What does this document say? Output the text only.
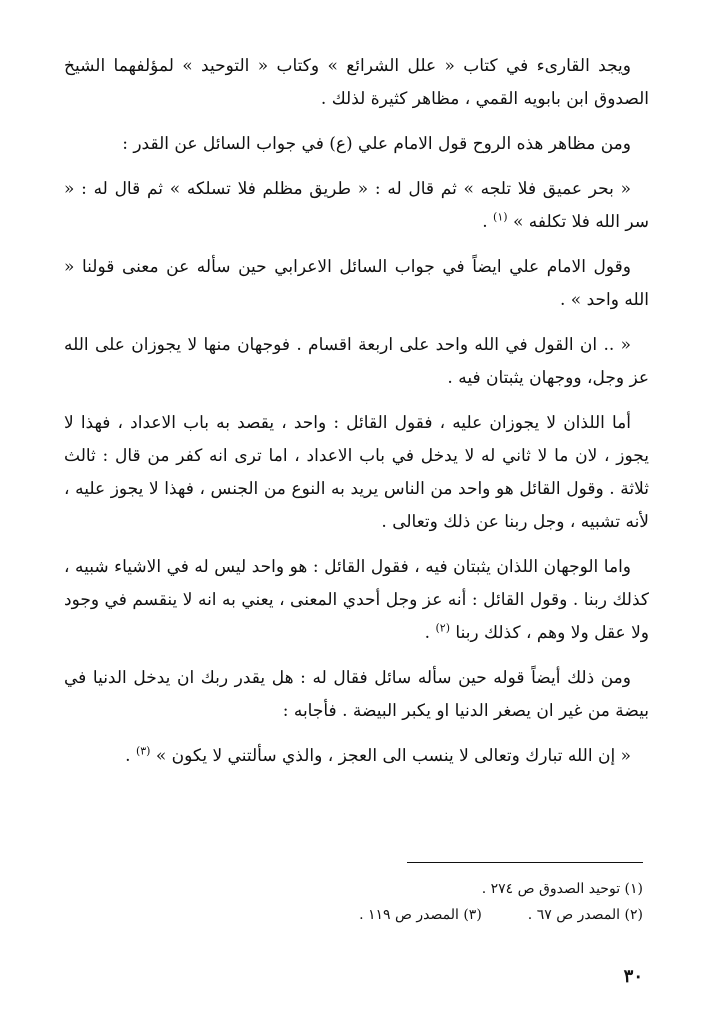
ويجد القارىء في كتاب « علل الشرائع » وكتاب « التوحيد » لمؤلفهما الشيخ الصدوق ابن بابويه القمي ، مظاهر كثيرة لذلك .

ومن مظاهر هذه الروح قول الامام علي (ع) في جواب السائل عن القدر :

« بحر عميق فلا تلجه » ثم قال له : « طريق مظلم فلا تسلكه » ثم قال له : « سر الله فلا تكلفه » $^{(١)}$ .

وقول الامام علي ايضاً في جواب السائل الاعرابي حين سأله عن معنى قولنا « الله واحد » .

« .. ان القول في الله واحد على اربعة اقسام . فوجهان منها لا يجوزان على الله عز وجل، ووجهان يثبتان فيه .

أما اللذان لا يجوزان عليه ، فقول القائل : واحد ، يقصد به باب الاعداد ، فهذا لا يجوز ، لان ما لا ثاني له لا يدخل في باب الاعداد ، اما ترى انه كفر من قال : ثالث ثلاثة . وقول القائل هو واحد من الناس يريد به النوع من الجنس ، فهذا لا يجوز عليه ، لأنه تشبيه ، وجل ربنا عن ذلك وتعالى .

واما الوجهان اللذان يثبتان فيه ، فقول القائل : هو واحد ليس له في الاشياء شبيه ، كذلك ربنا . وقول القائل : أنه عز وجل أحدي المعنى ، يعني به انه لا ينقسم في وجود ولا عقل ولا وهم ، كذلك ربنا $^{(٢)}$ .

ومن ذلك أيضاً قوله حين سأله سائل فقال له : هل يقدر ربك ان يدخل الدنيا في بيضة من غير ان يصغر الدنيا او يكبر البيضة . فأجابه :

« إن الله تبارك وتعالى لا ينسب الى العجز ، والذي سألتني لا يكون » $^{(٣)}$ .

(١) توحيد الصدوق ص ٢٧٤ .
(٢) المصدر ص ٦٧ .
(٣) المصدر ص ١١٩ .
٣٠
